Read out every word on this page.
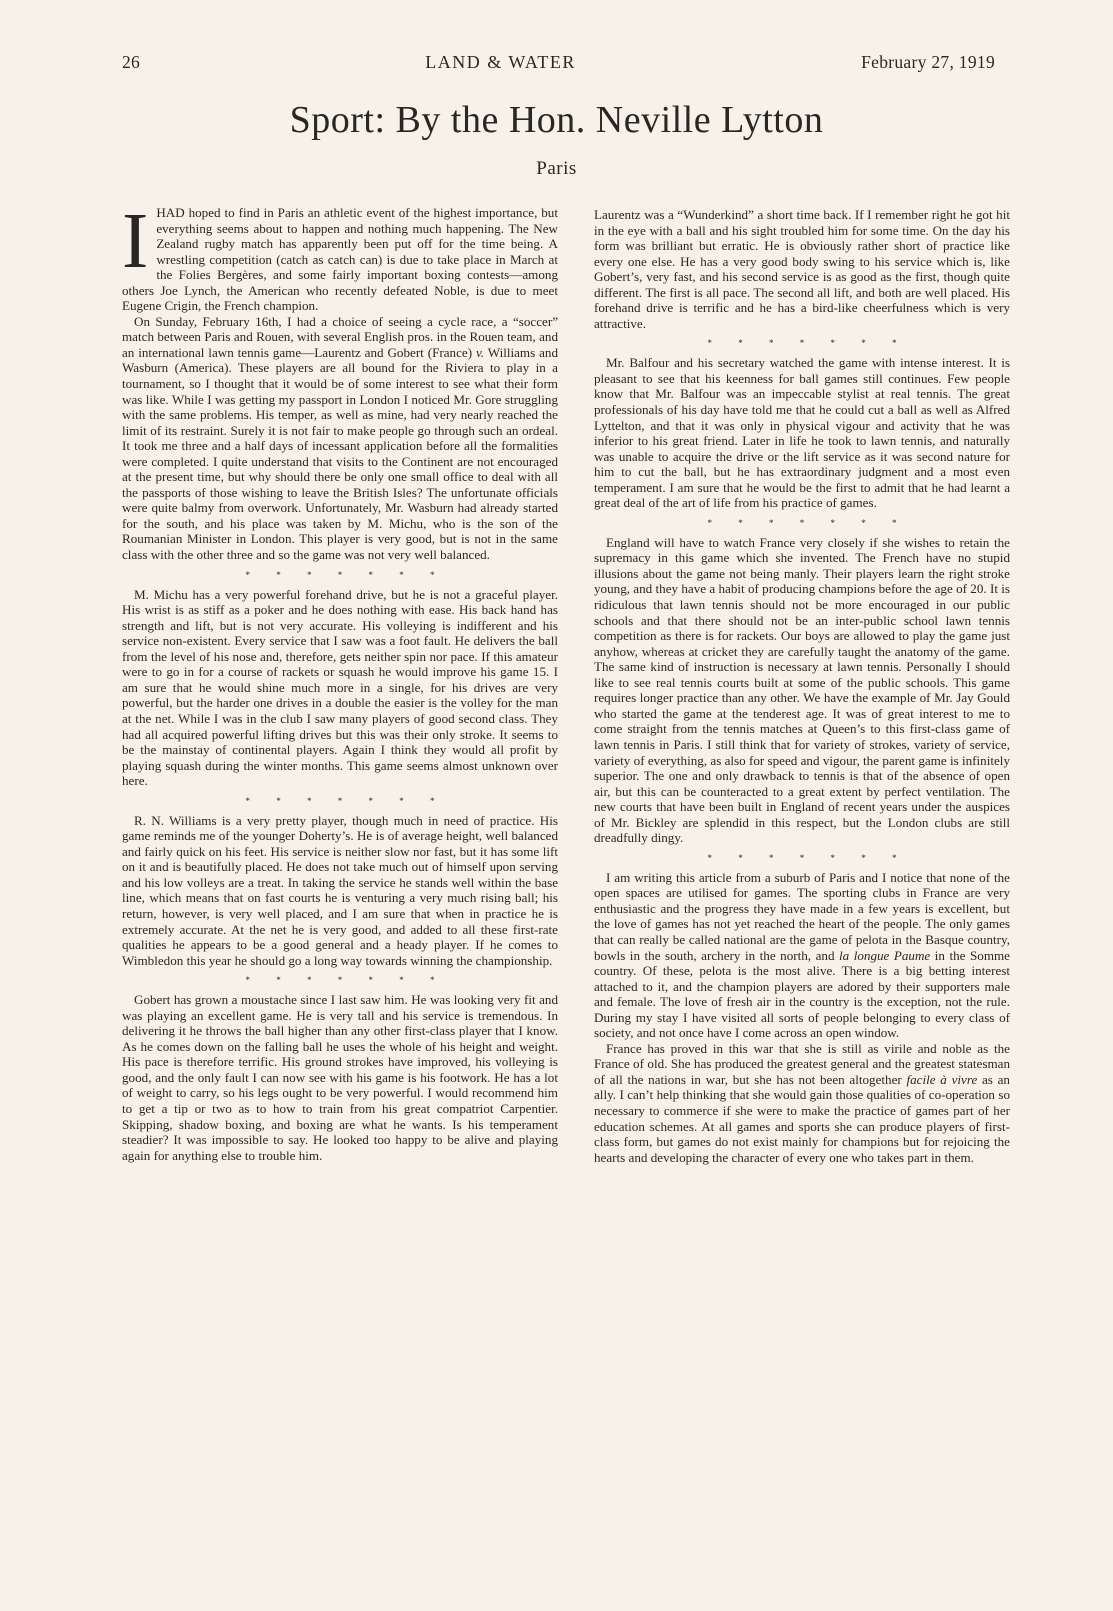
26	LAND & WATER	February 27, 1919
Sport: By the Hon. Neville Lytton
Paris

IHAD hoped to find in Paris an athletic event of the highest importance, but everything seems about to happen and nothing much happening. The New Zealand rugby match has apparently been put off for the time being. A wrestling competition (catch as catch can) is due to take place in March at the Folies Bergères, and some fairly important boxing contests—among others Joe Lynch, the American who recently defeated Noble, is due to meet Eugene Crigin, the French champion.

On Sunday, February 16th, I had a choice of seeing a cycle race, a “soccer” match between Paris and Rouen, with several English pros. in the Rouen team, and an international lawn tennis game—Laurentz and Gobert (France) v. Williams and Wasburn (America). These players are all bound for the Riviera to play in a tournament, so I thought that it would be of some interest to see what their form was like. While I was getting my passport in London I noticed Mr. Gore struggling with the same problems. His temper, as well as mine, had very nearly reached the limit of its restraint. Surely it is not fair to make people go through such an ordeal. It took me three and a half days of incessant application before all the formalities were completed. I quite understand that visits to the Continent are not encouraged at the present time, but why should there be only one small office to deal with all the passports of those wishing to leave the British Isles? The unfortunate officials were quite balmy from overwork. Unfortunately, Mr. Wasburn had already started for the south, and his place was taken by M. Michu, who is the son of the Roumanian Minister in London. This player is very good, but is not in the same class with the other three and so the game was not very well balanced.

* * * * * * *

M. Michu has a very powerful forehand drive, but he is not a graceful player. His wrist is as stiff as a poker and he does nothing with ease. His back hand has strength and lift, but is not very accurate. His volleying is indifferent and his service non-existent. Every service that I saw was a foot fault. He delivers the ball from the level of his nose and, therefore, gets neither spin nor pace. If this amateur were to go in for a course of rackets or squash he would improve his game 15. I am sure that he would shine much more in a single, for his drives are very powerful, but the harder one drives in a double the easier is the volley for the man at the net. While I was in the club I saw many players of good second class. They had all acquired powerful lifting drives but this was their only stroke. It seems to be the mainstay of continental players. Again I think they would all profit by playing squash during the winter months. This game seems almost unknown over here.

* * * * * * *

R. N. Williams is a very pretty player, though much in need of practice. His game reminds me of the younger Doherty’s. He is of average height, well balanced and fairly quick on his feet. His service is neither slow nor fast, but it has some lift on it and is beautifully placed. He does not take much out of himself upon serving and his low volleys are a treat. In taking the service he stands well within the base line, which means that on fast courts he is venturing a very much rising ball; his return, however, is very well placed, and I am sure that when in practice he is extremely accurate. At the net he is very good, and added to all these first-rate qualities he appears to be a good general and a heady player. If he comes to Wimbledon this year he should go a long way towards winning the championship.

* * * * * * *

Gobert has grown a moustache since I last saw him. He was looking very fit and was playing an excellent game. He is very tall and his service is tremendous. In delivering it he throws the ball higher than any other first-class player that I know. As he comes down on the falling ball he uses the whole of his height and weight. His pace is therefore terrific. His ground strokes have improved, his volleying is good, and the only fault I can now see with his game is his footwork. He has a lot of weight to carry, so his legs ought to be very powerful. I would recommend him to get a tip or two as to how to train from his great compatriot Carpentier. Skipping, shadow boxing, and boxing are what he wants. Is his temperament steadier? It was impossible to say. He looked too happy to be alive and playing again for anything else to trouble him.

Laurentz was a “Wunderkind” a short time back. If I remember right he got hit in the eye with a ball and his sight troubled him for some time. On the day his form was brilliant but erratic. He is obviously rather short of practice like every one else. He has a very good body swing to his service which is, like Gobert’s, very fast, and his second service is as good as the first, though quite different. The first is all pace. The second all lift, and both are well placed. His forehand drive is terrific and he has a bird-like cheerfulness which is very attractive.

* * * * * * *

Mr. Balfour and his secretary watched the game with intense interest. It is pleasant to see that his keenness for ball games still continues. Few people know that Mr. Balfour was an impeccable stylist at real tennis. The great professionals of his day have told me that he could cut a ball as well as Alfred Lyttelton, and that it was only in physical vigour and activity that he was inferior to his great friend. Later in life he took to lawn tennis, and naturally was unable to acquire the drive or the lift service as it was second nature for him to cut the ball, but he has extraordinary judgment and a most even temperament. I am sure that he would be the first to admit that he had learnt a great deal of the art of life from his practice of games.

* * * * * * *

England will have to watch France very closely if she wishes to retain the supremacy in this game which she invented. The French have no stupid illusions about the game not being manly. Their players learn the right stroke young, and they have a habit of producing champions before the age of 20. It is ridiculous that lawn tennis should not be more encouraged in our public schools and that there should not be an inter-public school lawn tennis competition as there is for rackets. Our boys are allowed to play the game just anyhow, whereas at cricket they are carefully taught the anatomy of the game. The same kind of instruction is necessary at lawn tennis. Personally I should like to see real tennis courts built at some of the public schools. This game requires longer practice than any other. We have the example of Mr. Jay Gould who started the game at the tenderest age. It was of great interest to me to come straight from the tennis matches at Queen’s to this first-class game of lawn tennis in Paris. I still think that for variety of strokes, variety of service, variety of everything, as also for speed and vigour, the parent game is infinitely superior. The one and only drawback to tennis is that of the absence of open air, but this can be counteracted to a great extent by perfect ventilation. The new courts that have been built in England of recent years under the auspices of Mr. Bickley are splendid in this respect, but the London clubs are still dreadfully dingy.

* * * * * * *

I am writing this article from a suburb of Paris and I notice that none of the open spaces are utilised for games. The sporting clubs in France are very enthusiastic and the progress they have made in a few years is excellent, but the love of games has not yet reached the heart of the people. The only games that can really be called national are the game of pelota in the Basque country, bowls in the south, archery in the north, and la longue Paume in the Somme country. Of these, pelota is the most alive. There is a big betting interest attached to it, and the champion players are adored by their supporters male and female. The love of fresh air in the country is the exception, not the rule. During my stay I have visited all sorts of people belonging to every class of society, and not once have I come across an open window.

France has proved in this war that she is still as virile and noble as the France of old. She has produced the greatest general and the greatest statesman of all the nations in war, but she has not been altogether facile à vivre as an ally. I can’t help thinking that she would gain those qualities of co-operation so necessary to commerce if she were to make the practice of games part of her education schemes. At all games and sports she can produce players of first-class form, but games do not exist mainly for champions but for rejoicing the hearts and developing the character of every one who takes part in them.
